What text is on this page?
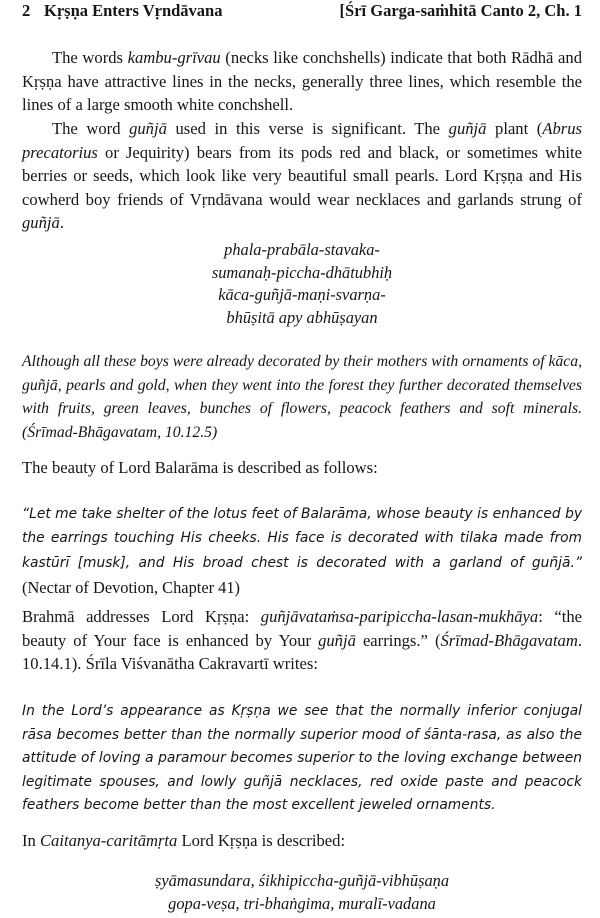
2 Kṛṣṇa Enters Vṛndāvana	[Śrī Garga-saṁhitā Canto 2, Ch. 1

The words kambu-grīvau (necks like conchshells) indicate that both Rādhā and Kṛṣṇa have attractive lines in the necks, generally three lines, which resemble the lines of a large smooth white conchshell.

The word guñjā used in this verse is significant. The guñjā plant (Abrus precatorius or Jequirity) bears from its pods red and black, or sometimes white berries or seeds, which look like very beautiful small pearls. Lord Kṛṣṇa and His cowherd boy friends of Vṛndāvana would wear necklaces and garlands strung of guñjā.

phala-prabāla-stavaka-
sumanaḥ-piccha-dhātubhiḥ
kāca-guñjā-maṇi-svarṇa-
bhūṣitā apy abhūṣayan

Although all these boys were already decorated by their mothers with ornaments of kāca, guñjā, pearls and gold, when they went into the forest they further decorated themselves with fruits, green leaves, bunches of flowers, peacock feathers and soft minerals. (Śrīmad-Bhāgavatam, 10.12.5)

The beauty of Lord Balarāma is described as follows:

“Let me take shelter of the lotus feet of Balarāma, whose beauty is enhanced by the earrings touching His cheeks. His face is decorated with tilaka made from kastūrī [musk], and His broad chest is decorated with a garland of guñjā.” (Nectar of Devotion, Chapter 41)

Brahmā addresses Lord Kṛṣṇa: guñjāvataṁsa-paripiccha-lasan-mukhāya: “the beauty of Your face is enhanced by Your guñjā earrings.” (Śrīmad-Bhāgavatam. 10.14.1). Śrīla Viśvanātha Cakravartī writes:

In the Lord’s appearance as Kṛṣṇa we see that the normally inferior conjugal rāsa becomes better than the normally superior mood of śānta-rasa, as also the attitude of loving a paramour becomes superior to the loving exchange between legitimate spouses, and lowly guñjā necklaces, red oxide paste and peacock feathers become better than the most excellent jeweled ornaments.

In Caitanya-caritāmṛta Lord Kṛṣṇa is described:

ṣyāmasundara, śikhipiccha-guñjā-vibhūṣaṇa
gopa-veṣa, tri-bhaṅgima, muralī-vadana
